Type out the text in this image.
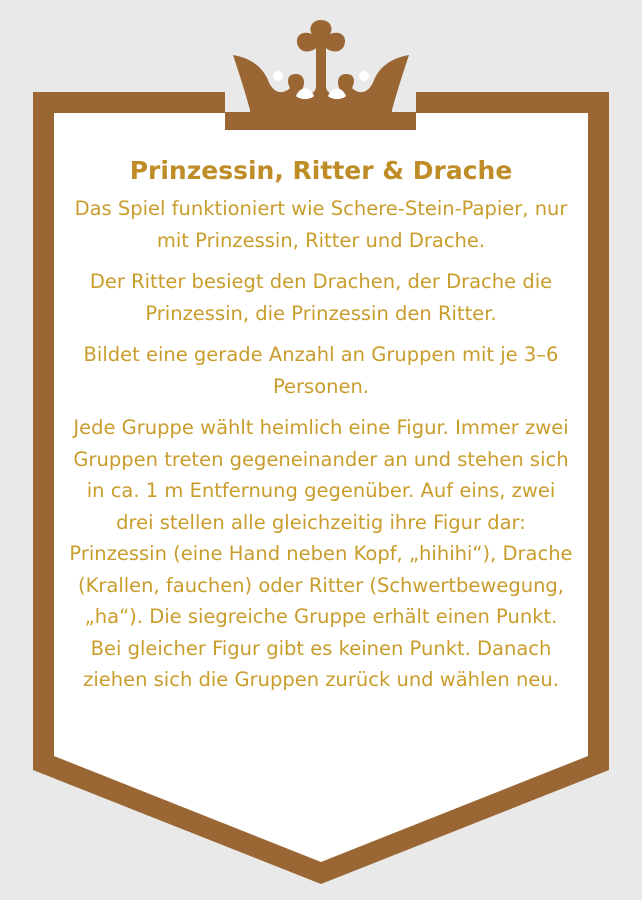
Prinzessin, Ritter & Drache

Das Spiel funktioniert wie Schere-Stein-Papier, nur mit Prinzessin, Ritter und Drache.

Der Ritter besiegt den Drachen, der Drache die Prinzessin, die Prinzessin den Ritter.

Bildet eine gerade Anzahl an Gruppen mit je 3–6 Personen.

Jede Gruppe wählt heimlich eine Figur. Immer zwei Gruppen treten gegeneinander an und stehen sich in ca. 1 m Entfernung gegenüber. Auf eins, zwei drei stellen alle gleichzeitig ihre Figur dar: Prinzessin (eine Hand neben Kopf, „hihihi“), Drache (Krallen, fauchen) oder Ritter (Schwertbewegung, „ha“). Die siegreiche Gruppe erhält einen Punkt. Bei gleicher Figur gibt es keinen Punkt. Danach ziehen sich die Gruppen zurück und wählen neu.
